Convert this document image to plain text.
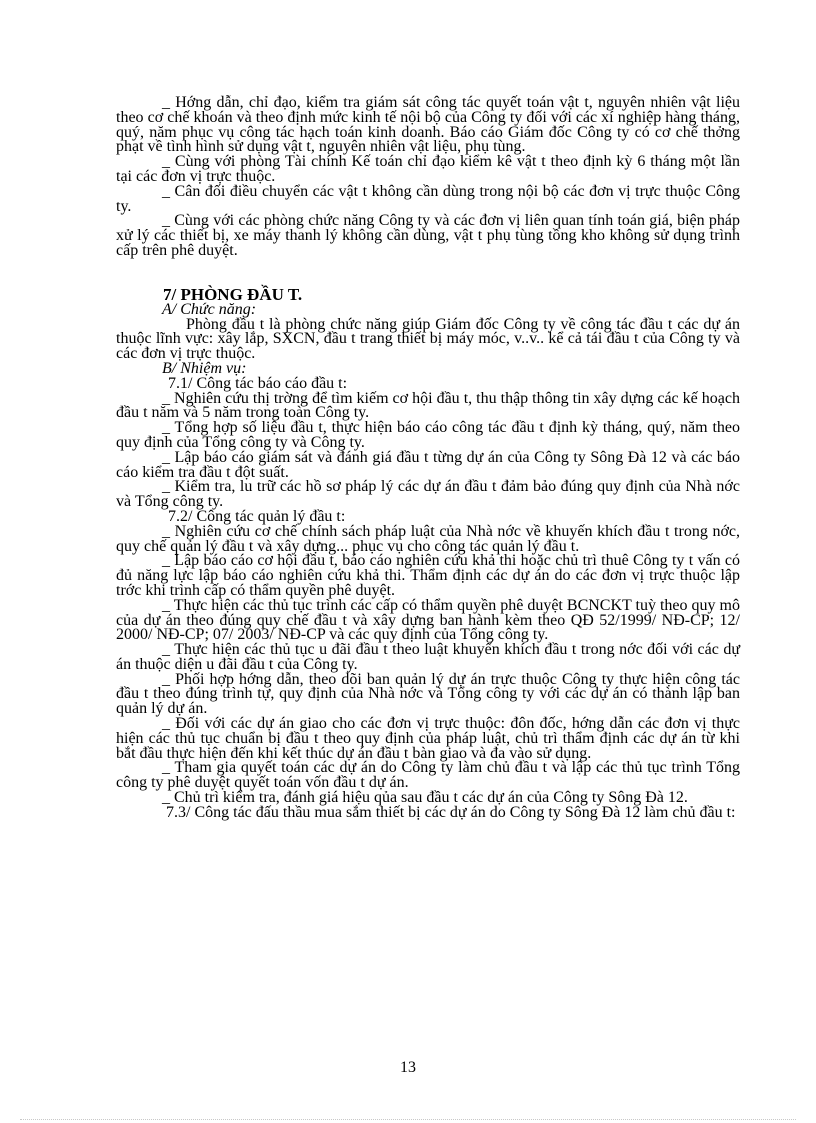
_ Hớng dẫn, chỉ đạo, kiểm tra giám sát công tác quyết toán vật t, nguyên nhiên vật liệu theo cơ chế khoán và theo định mức kinh tế nội bộ của Công ty đối với các xí nghiệp hàng tháng, quý, năm phục vụ công tác hạch toán kinh doanh. Báo cáo Giám đốc Công ty có cơ chế thởng phạt về tình hình sử dụng vật t, nguyên nhiên vật liệu, phụ tùng.

_ Cùng với phòng Tài chính Kế toán chỉ đạo kiểm kê vật t theo định kỳ 6 tháng một lần tại các đơn vị trực thuộc.

_ Cân đối điều chuyển các vật t không cần dùng trong nội bộ các đơn vị trực thuộc Công ty.

_ Cùng với các phòng chức năng Công ty và các đơn vị liên quan tính toán giá, biện pháp xử lý các thiết bị, xe máy thanh lý không cần dùng, vật t phụ tùng tồng kho không sử dụng trình cấp trên phê duyệt.

7/ PHÒNG ĐẦU T.
A/ Chức năng:

Phòng đầu t là phòng chức năng giúp Giám đốc Công ty về công tác đầu t các dự án thuộc lĩnh vực: xây lắp, SXCN, đầu t trang thiết bị máy móc, v..v.. kể cả tái đầu t của Công ty và các đơn vị trực thuộc.

B/ Nhiệm vụ:
7.1/ Công tác báo cáo đầu t:

_ Nghiên cứu thị trờng để tìm kiếm cơ hội đầu t, thu thập thông tin xây dựng các kế hoạch đầu t năm và 5 năm trong toàn Công ty.

_ Tổng hợp số liệu đầu t, thực hiện báo cáo công tác đầu t định kỳ tháng, quý, năm theo quy định của Tổng công ty và Công ty.

_ Lập báo cáo giám sát và đánh giá đầu t từng dự án của Công ty Sông Đà 12 và các báo cáo kiểm tra đầu t đột suất.

_ Kiểm tra, lu trữ các hồ sơ pháp lý các dự án đầu t đảm bảo đúng quy định của Nhà nớc và Tổng công ty.

7.2/ Công tác quản lý đầu t:

_ Nghiên cứu cơ chế chính sách pháp luật của Nhà nớc về khuyến khích đầu t trong nớc, quy chế quản lý đầu t và xây dựng... phục vụ cho công tác quản lý đầu t.

_ Lập báo cáo cơ hội đầu t, báo cáo nghiên cứu khả thi hoặc chủ trì thuê Công ty t vấn có đủ năng lực lập báo cáo nghiên cứu khả thi. Thẩm định các dự án do các đơn vị trực thuộc lập trớc khi trình cấp có thẩm quyền phê duyệt.

_ Thực hiện các thủ tục trình các cấp có thẩm quyền phê duyệt BCNCKT tuỳ theo quy mô của dự án theo đúng quy chế đầu t và xây dựng ban hành kèm theo QĐ 52/1999/ NĐ-CP; 12/ 2000/ NĐ-CP; 07/ 2003/ NĐ-CP và các quy định của Tổng công ty.

_ Thực hiện các thủ tục u đãi đầu t theo luật khuyến khích đầu t trong nớc đối với các dự án thuộc diện u đãi đầu t của Công ty.

_ Phối hợp hớng dẫn, theo dõi ban quản lý dự án trực thuộc Công ty thực hiện công tác đầu t theo đúng trình tự, quy định của Nhà nớc và Tổng công ty với các dự án có thành lập ban quản lý dự án.

_ Đối với các dự án giao cho các đơn vị trực thuộc: đôn đốc, hớng dẫn các đơn vị thực hiện các thủ tục chuẩn bị đầu t theo quy định của pháp luật, chủ trì thẩm định các dự án từ khi bắt đầu thực hiện đến khi kết thúc dự án đầu t bàn giao và đa vào sử dụng.

_ Tham gia quyết toán các dự án do Công ty làm chủ đầu t và lập các thủ tục trình Tổng công ty phê duyệt quyết toán vốn đầu t dự án.

_ Chủ trì kiểm tra, đánh giá hiệu qủa sau đầu t các dự án của Công ty Sông Đà 12.

7.3/ Công tác đấu thầu mua sắm thiết bị các dự án do Công ty Sông Đà 12 làm chủ đầu t:

13
